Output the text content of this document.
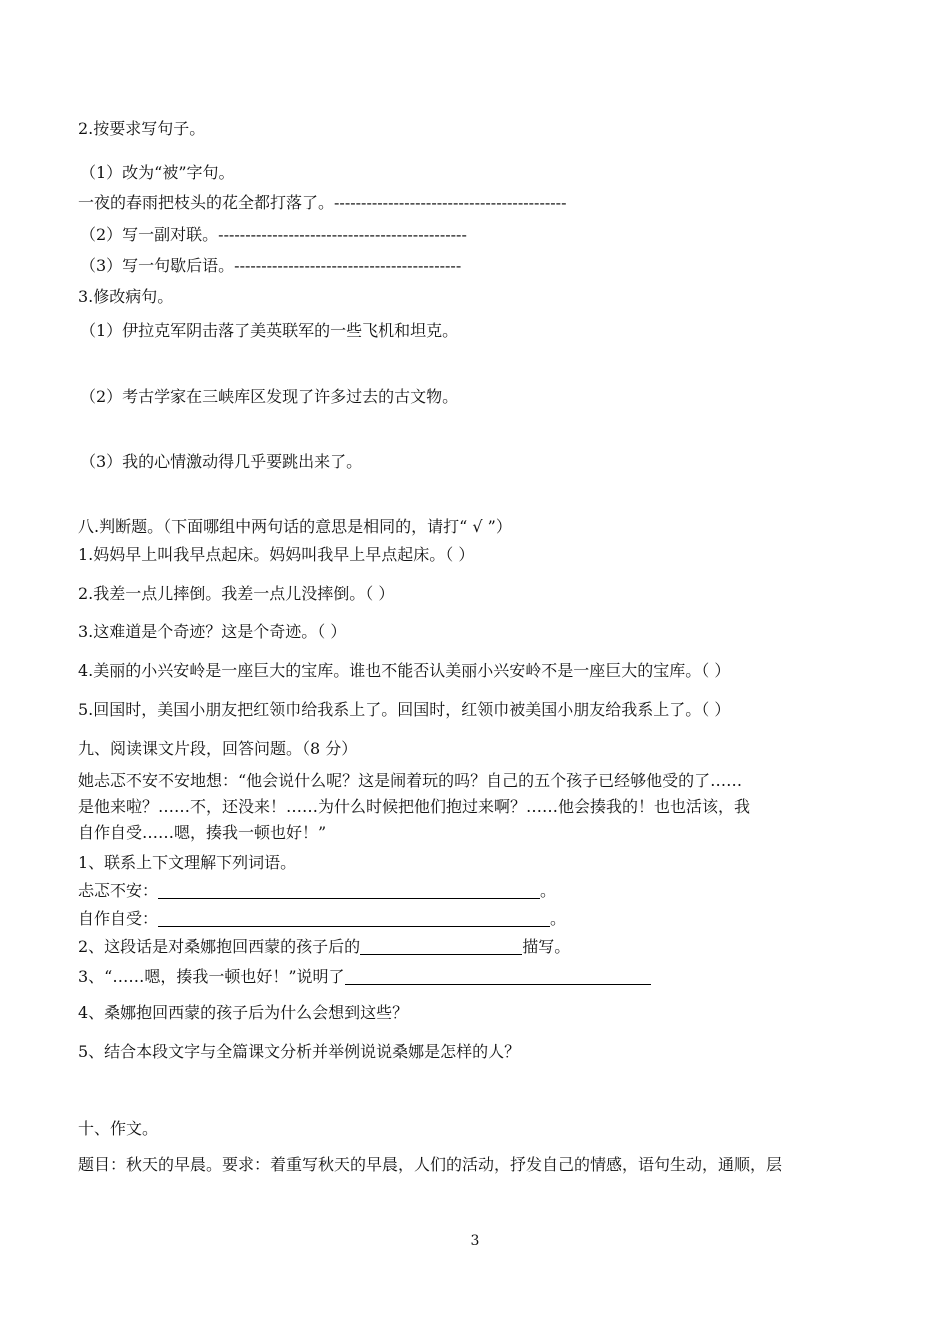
2.按要求写句子。
（1）改为“被”字句。
一夜的春雨把枝头的花全都打落了。-------------------------------------------
（2）写一副对联。----------------------------------------------
（3）写一句歇后语。------------------------------------------
3.修改病句。
（1）伊拉克军阴击落了美英联军的一些飞机和坦克。
（2）考古学家在三峡库区发现了许多过去的古文物。
（3）我的心情激动得几乎要跳出来了。
八.判断题。（下面哪组中两句话的意思是相同的，请打“ √ ”）
1.妈妈早上叫我早点起床。妈妈叫我早上早点起床。（ ）
2.我差一点儿摔倒。我差一点儿没摔倒。（ ）
3.这难道是个奇迹？这是个奇迹。（ ）
4.美丽的小兴安岭是一座巨大的宝库。谁也不能否认美丽小兴安岭不是一座巨大的宝库。（ ）
5.回国时，美国小朋友把红领巾给我系上了。回国时，红领巾被美国小朋友给我系上了。（ ）
九、阅读课文片段，回答问题。（8 分）
她忐忑不安不安地想：“他会说什么呢？这是闹着玩的吗？自己的五个孩子已经够他受的了……
是他来啦？……不，还没来！……为什么时候把他们抱过来啊？……他会揍我的！也也活该，我
自作自受……嗯，揍我一顿也好！”
1、联系上下文理解下列词语。
忐忑不安：	。
自作自受：	。
2、这段话是对桑娜抱回西蒙的孩子后的	描写。
3、“……嗯，揍我一顿也好！”说明了
4、桑娜抱回西蒙的孩子后为什么会想到这些？
5、结合本段文字与全篇课文分析并举例说说桑娜是怎样的人？
十、作文。
题目：秋天的早晨。要求：着重写秋天的早晨，人们的活动，抒发自己的情感，语句生动，通顺，层
3
